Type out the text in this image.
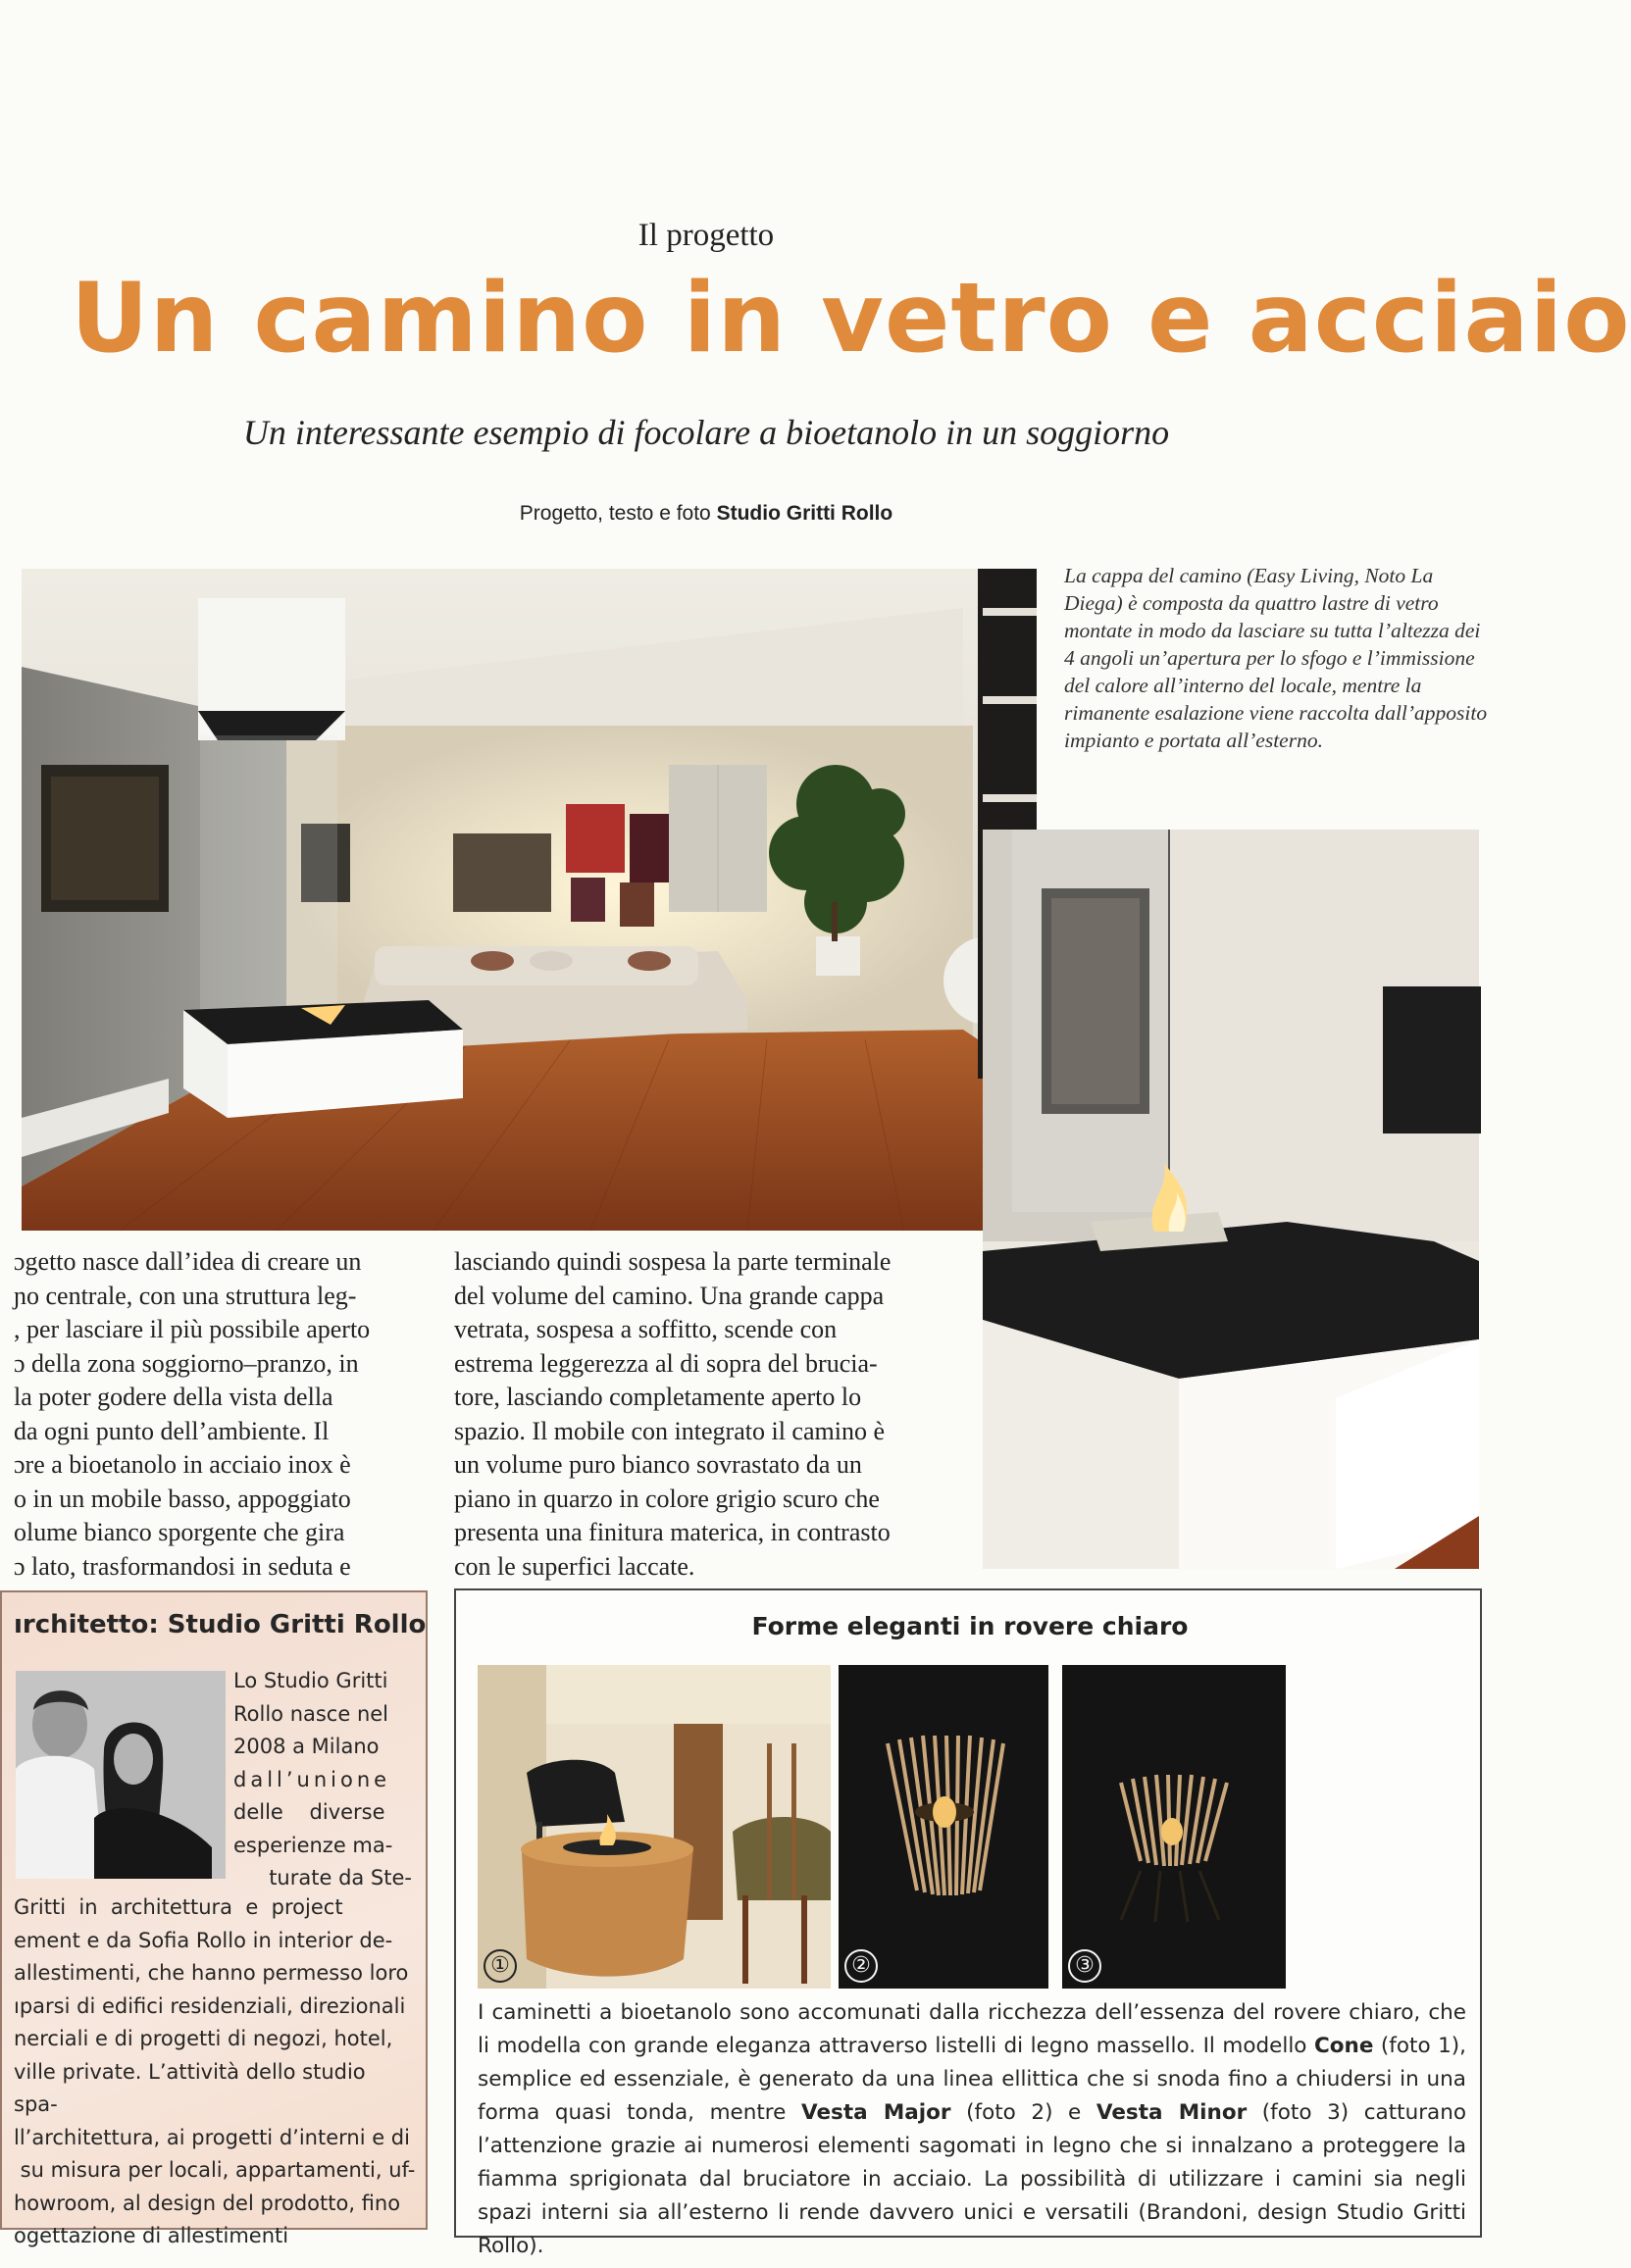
Il progetto
Un camino in vetro e acciaio
Un interessante esempio di focolare a bioetanolo in un soggiorno
Progetto, testo e foto Studio Gritti Rollo
La cappa del camino (Easy Living, Noto La Diega) è composta da quattro lastre di vetro montate in modo da lasciare su tutta l’altezza dei 4 angoli un’apertura per lo sfogo e l’immissione del calore all’interno del locale, mentre la rimanente esalazione viene raccolta dall’apposito impianto e portata all’esterno.
ɔgetto nasce dall’idea di creare un
ɲo centrale, con una struttura leg-
, per lasciare il più possibile aperto
ɔ della zona soggiorno–pranzo, in
la poter godere della vista della
da ogni punto dell’ambiente. Il
ɔre a bioetanolo in acciaio inox è
o in un mobile basso, appoggiato
olume bianco sporgente che gira
ɔ lato, trasformandosi in seduta e
lasciando quindi sospesa la parte terminale
del volume del camino. Una grande cappa
vetrata, sospesa a soffitto, scende con
estrema leggerezza al di sopra del brucia-
tore, lasciando completamente aperto lo
spazio. Il mobile con integrato il camino è
un volume puro bianco sovrastato da un
piano in quarzo in colore grigio scuro che
presenta una finitura materica, in contrasto
con le superfici laccate.
ırchitetto: Studio Gritti Rollo
Lo Studio Gritti
Rollo nasce nel
2008 a Milano
dall’unione
delle    diverse
esperienze ma-
turate da Ste-
Gritti  in  architettura  e  project
ement e da Sofia Rollo in interior de-
allestimenti, che hanno permesso loro
ıparsi di edifici residenziali, direzionali
nerciali e di progetti di negozi, hotel,
ville private. L’attività dello studio spa-
ll’architettura, ai progetti d’interni e di
su misura per locali, appartamenti, uf-
howroom, al design del prodotto, fino
ogettazione di allestimenti
Forme eleganti in rovere chiaro
①	②	③
I caminetti a bioetanolo sono accomunati dalla ricchezza dell’essenza del rovere chiaro, che li modella con grande eleganza attraverso listelli di legno massello. Il modello Cone (foto 1), semplice ed essenziale, è generato da una linea ellittica che si snoda fino a chiudersi in una forma quasi tonda, mentre Vesta Major (foto 2) e Vesta Minor (foto 3) catturano l’attenzione grazie ai numerosi elementi sagomati in legno che si innalzano a proteggere la fiamma sprigionata dal bruciatore in acciaio. La possibilità di utilizzare i camini sia negli spazi interni sia all’esterno li rende davvero unici e versatili (Brandoni, design Studio Gritti Rollo).
